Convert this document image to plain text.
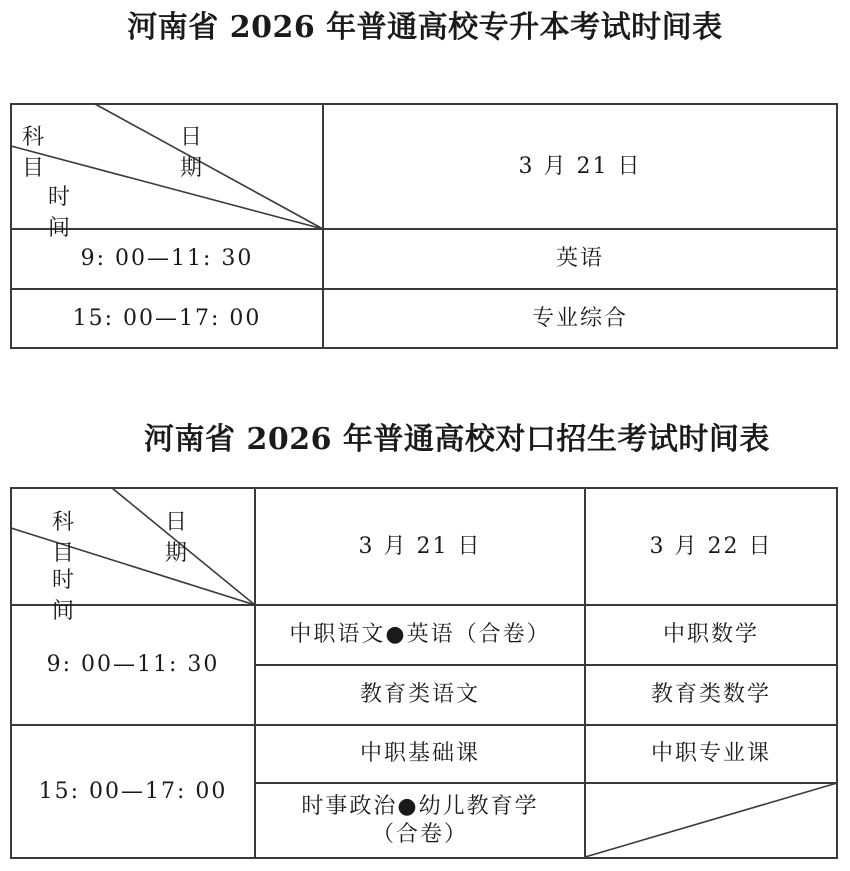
河南省 2026 年普通高校专升本考试时间表
科目
日期
时间
3 月 21 日
9: 00—11: 30	英语
15: 00—17: 00	专业综合
河南省 2026 年普通高校对口招生考试时间表
科目
日期
时间
3 月 21 日	3 月 22 日
9: 00—11: 30
中职语文●英语（合卷）	中职数学
教育类语文	教育类数学
15: 00—17: 00
中职基础课	中职专业课
时事政治●幼儿教育学
（合卷）
